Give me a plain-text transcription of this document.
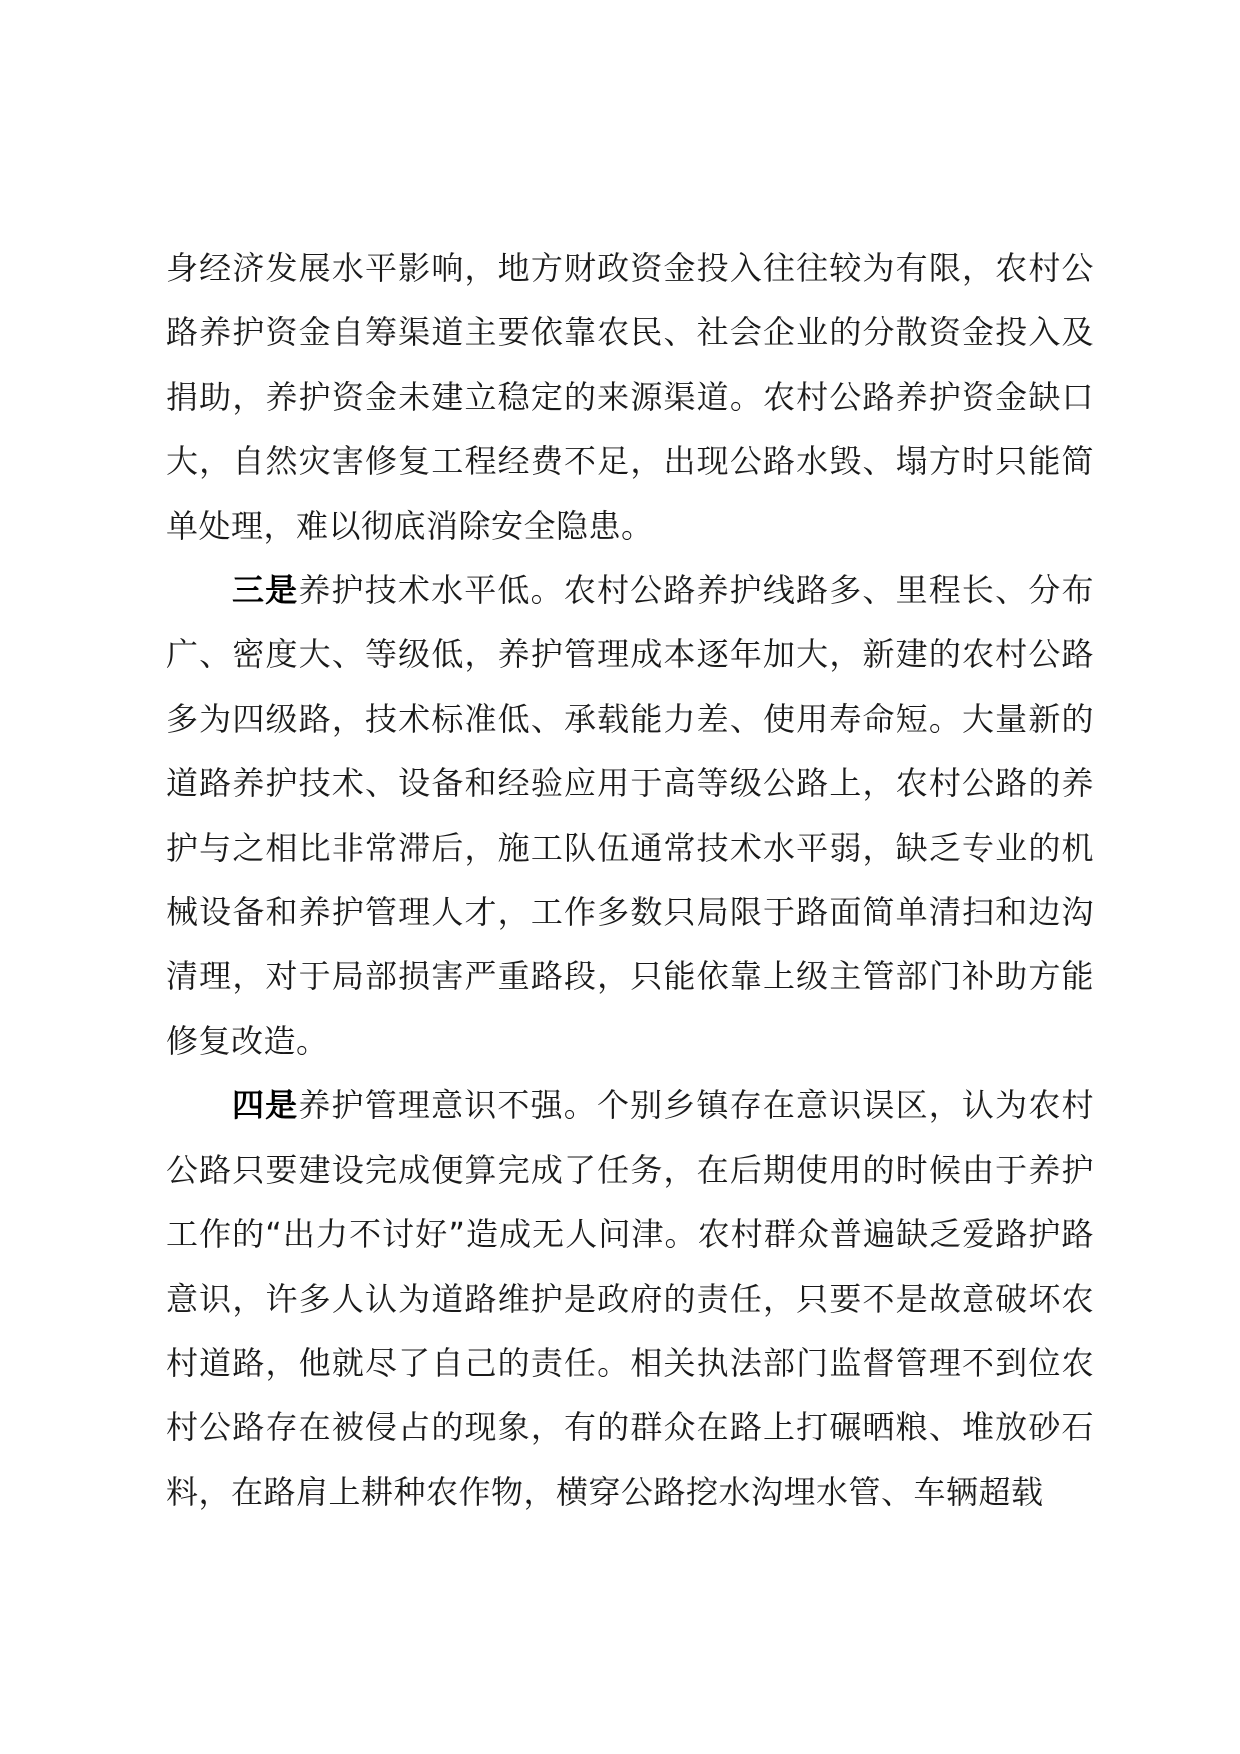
身经济发展水平影响，地方财政资金投入往往较为有限，农村公路养护资金自筹渠道主要依靠农民、社会企业的分散资金投入及捐助，养护资金未建立稳定的来源渠道。农村公路养护资金缺口大，自然灾害修复工程经费不足，出现公路水毁、塌方时只能简单处理，难以彻底消除安全隐患。

三是养护技术水平低。农村公路养护线路多、里程长、分布广、密度大、等级低，养护管理成本逐年加大，新建的农村公路多为四级路，技术标准低、承载能力差、使用寿命短。大量新的道路养护技术、设备和经验应用于高等级公路上，农村公路的养护与之相比非常滞后，施工队伍通常技术水平弱，缺乏专业的机械设备和养护管理人才，工作多数只局限于路面简单清扫和边沟清理，对于局部损害严重路段，只能依靠上级主管部门补助方能修复改造。

四是养护管理意识不强。个别乡镇存在意识误区，认为农村公路只要建设完成便算完成了任务，在后期使用的时候由于养护工作的“出力不讨好”造成无人问津。农村群众普遍缺乏爱路护路意识，许多人认为道路维护是政府的责任，只要不是故意破坏农村道路，他就尽了自己的责任。相关执法部门监督管理不到位农村公路存在被侵占的现象，有的群众在路上打碾晒粮、堆放砂石料，在路肩上耕种农作物，横穿公路挖水沟埋水管、车辆超载
